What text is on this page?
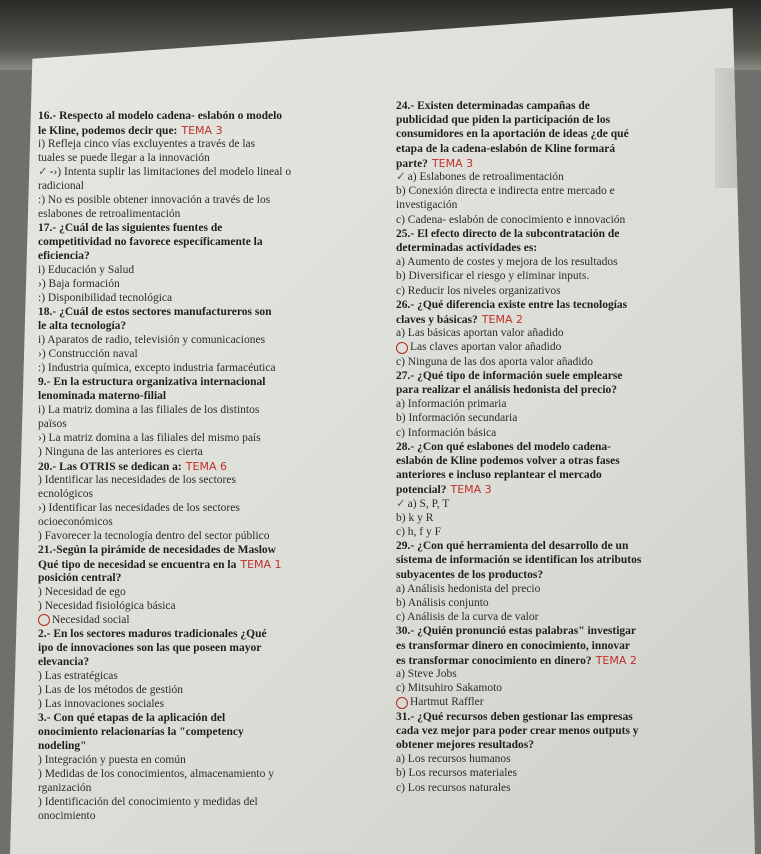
16.- Respecto al modelo cadena- eslabón o modelo
le Kline, podemos decir que: TEMA 3
i) Refleja cinco vías excluyentes a través de las
tuales se puede llegar a la innovación
✓ -›) Intenta suplir las limitaciones del modelo lineal o
radicional
:) No es posible obtener innovación a través de los
eslabones de retroalimentación
17.- ¿Cuál de las siguientes fuentes de
competitividad no favorece específicamente la
eficiencia?
i) Educación y Salud
›) Baja formación
:) Disponibilidad tecnológica
18.- ¿Cuál de estos sectores manufactureros son
le alta tecnología?
i) Aparatos de radio, televisión y comunicaciones
›) Construcción naval
:) Industria química, excepto industria farmacéutica
9.- En la estructura organizativa internacional
lenominada materno-filial
i) La matriz domina a las filiales de los distintos
països
›) La matriz domina a las filiales del mismo país
) Ninguna de las anteriores es cierta
20.- Las OTRIS se dedican a: TEMA 6
) Identificar las necesidades de los sectores
ecnológicos
›) Identificar las necesidades de los sectores
ocioeconómicos
) Favorecer la tecnología dentro del sector público
21.-Según la pirámide de necesidades de Maslow
Qué tipo de necesidad se encuentra en la TEMA 1
posición central?
) Necesidad de ego
) Necesidad fisiológica básica
Necesidad social
2.- En los sectores maduros tradicionales ¿Qué
ipo de innovaciones son las que poseen mayor
elevancia?
) Las estratégicas
) Las de los métodos de gestión
) Las innovaciones sociales
3.- Con qué etapas de la aplicación del
onocimiento relacionarías la "competency
nodeling"
) Integración y puesta en común
) Medidas de los conocimientos, almacenamiento y
rganización
) Identificación del conocimiento y medidas del
onocimiento
24.- Existen determinadas campañas de
publicidad que piden la participación de los
consumidores en la aportación de ideas ¿de qué
etapa de la cadena-eslabón de Kline formará
parte? TEMA 3
✓ a) Eslabones de retroalimentación
b) Conexión directa e indirecta entre mercado e
investigación
c) Cadena- eslabón de conocimiento e innovación
25.- El efecto directo de la subcontratación de
determinadas actividades es:
a) Aumento de costes y mejora de los resultados
b) Diversificar el riesgo y eliminar inputs.
c) Reducir los niveles organizativos
26.- ¿Qué diferencia existe entre las tecnologías
claves y básicas? TEMA 2
a) Las básicas aportan valor añadido
Las claves aportan valor añadido
c) Ninguna de las dos aporta valor añadido
27.- ¿Qué tipo de información suele emplearse
para realizar el análisis hedonista del precio?
a) Información primaria
b) Información secundaria
c) Información básica
28.- ¿Con qué eslabones del modelo cadena-
eslabón de Kline podemos volver a otras fases
anteriores e incluso replantear el mercado
potencial? TEMA 3
✓ a) S, P, T
b) k y R
c) h, f y F
29.- ¿Con qué herramienta del desarrollo de un
sistema de información se identifican los atributos
subyacentes de los productos?
a) Análisis hedonista del precio
b) Análisis conjunto
c) Análisis de la curva de valor
30.- ¿Quién pronunció estas palabras" investigar
es transformar dinero en conocimiento, innovar
es transformar conocimiento en dinero? TEMA 2
a) Steve Jobs
c) Mitsuhiro Sakamoto
Hartmut Raffler
31.- ¿Qué recursos deben gestionar las empresas
cada vez mejor para poder crear menos outputs y
obtener mejores resultados?
a) Los recursos humanos
b) Los recursos materiales
c) Los recursos naturales
